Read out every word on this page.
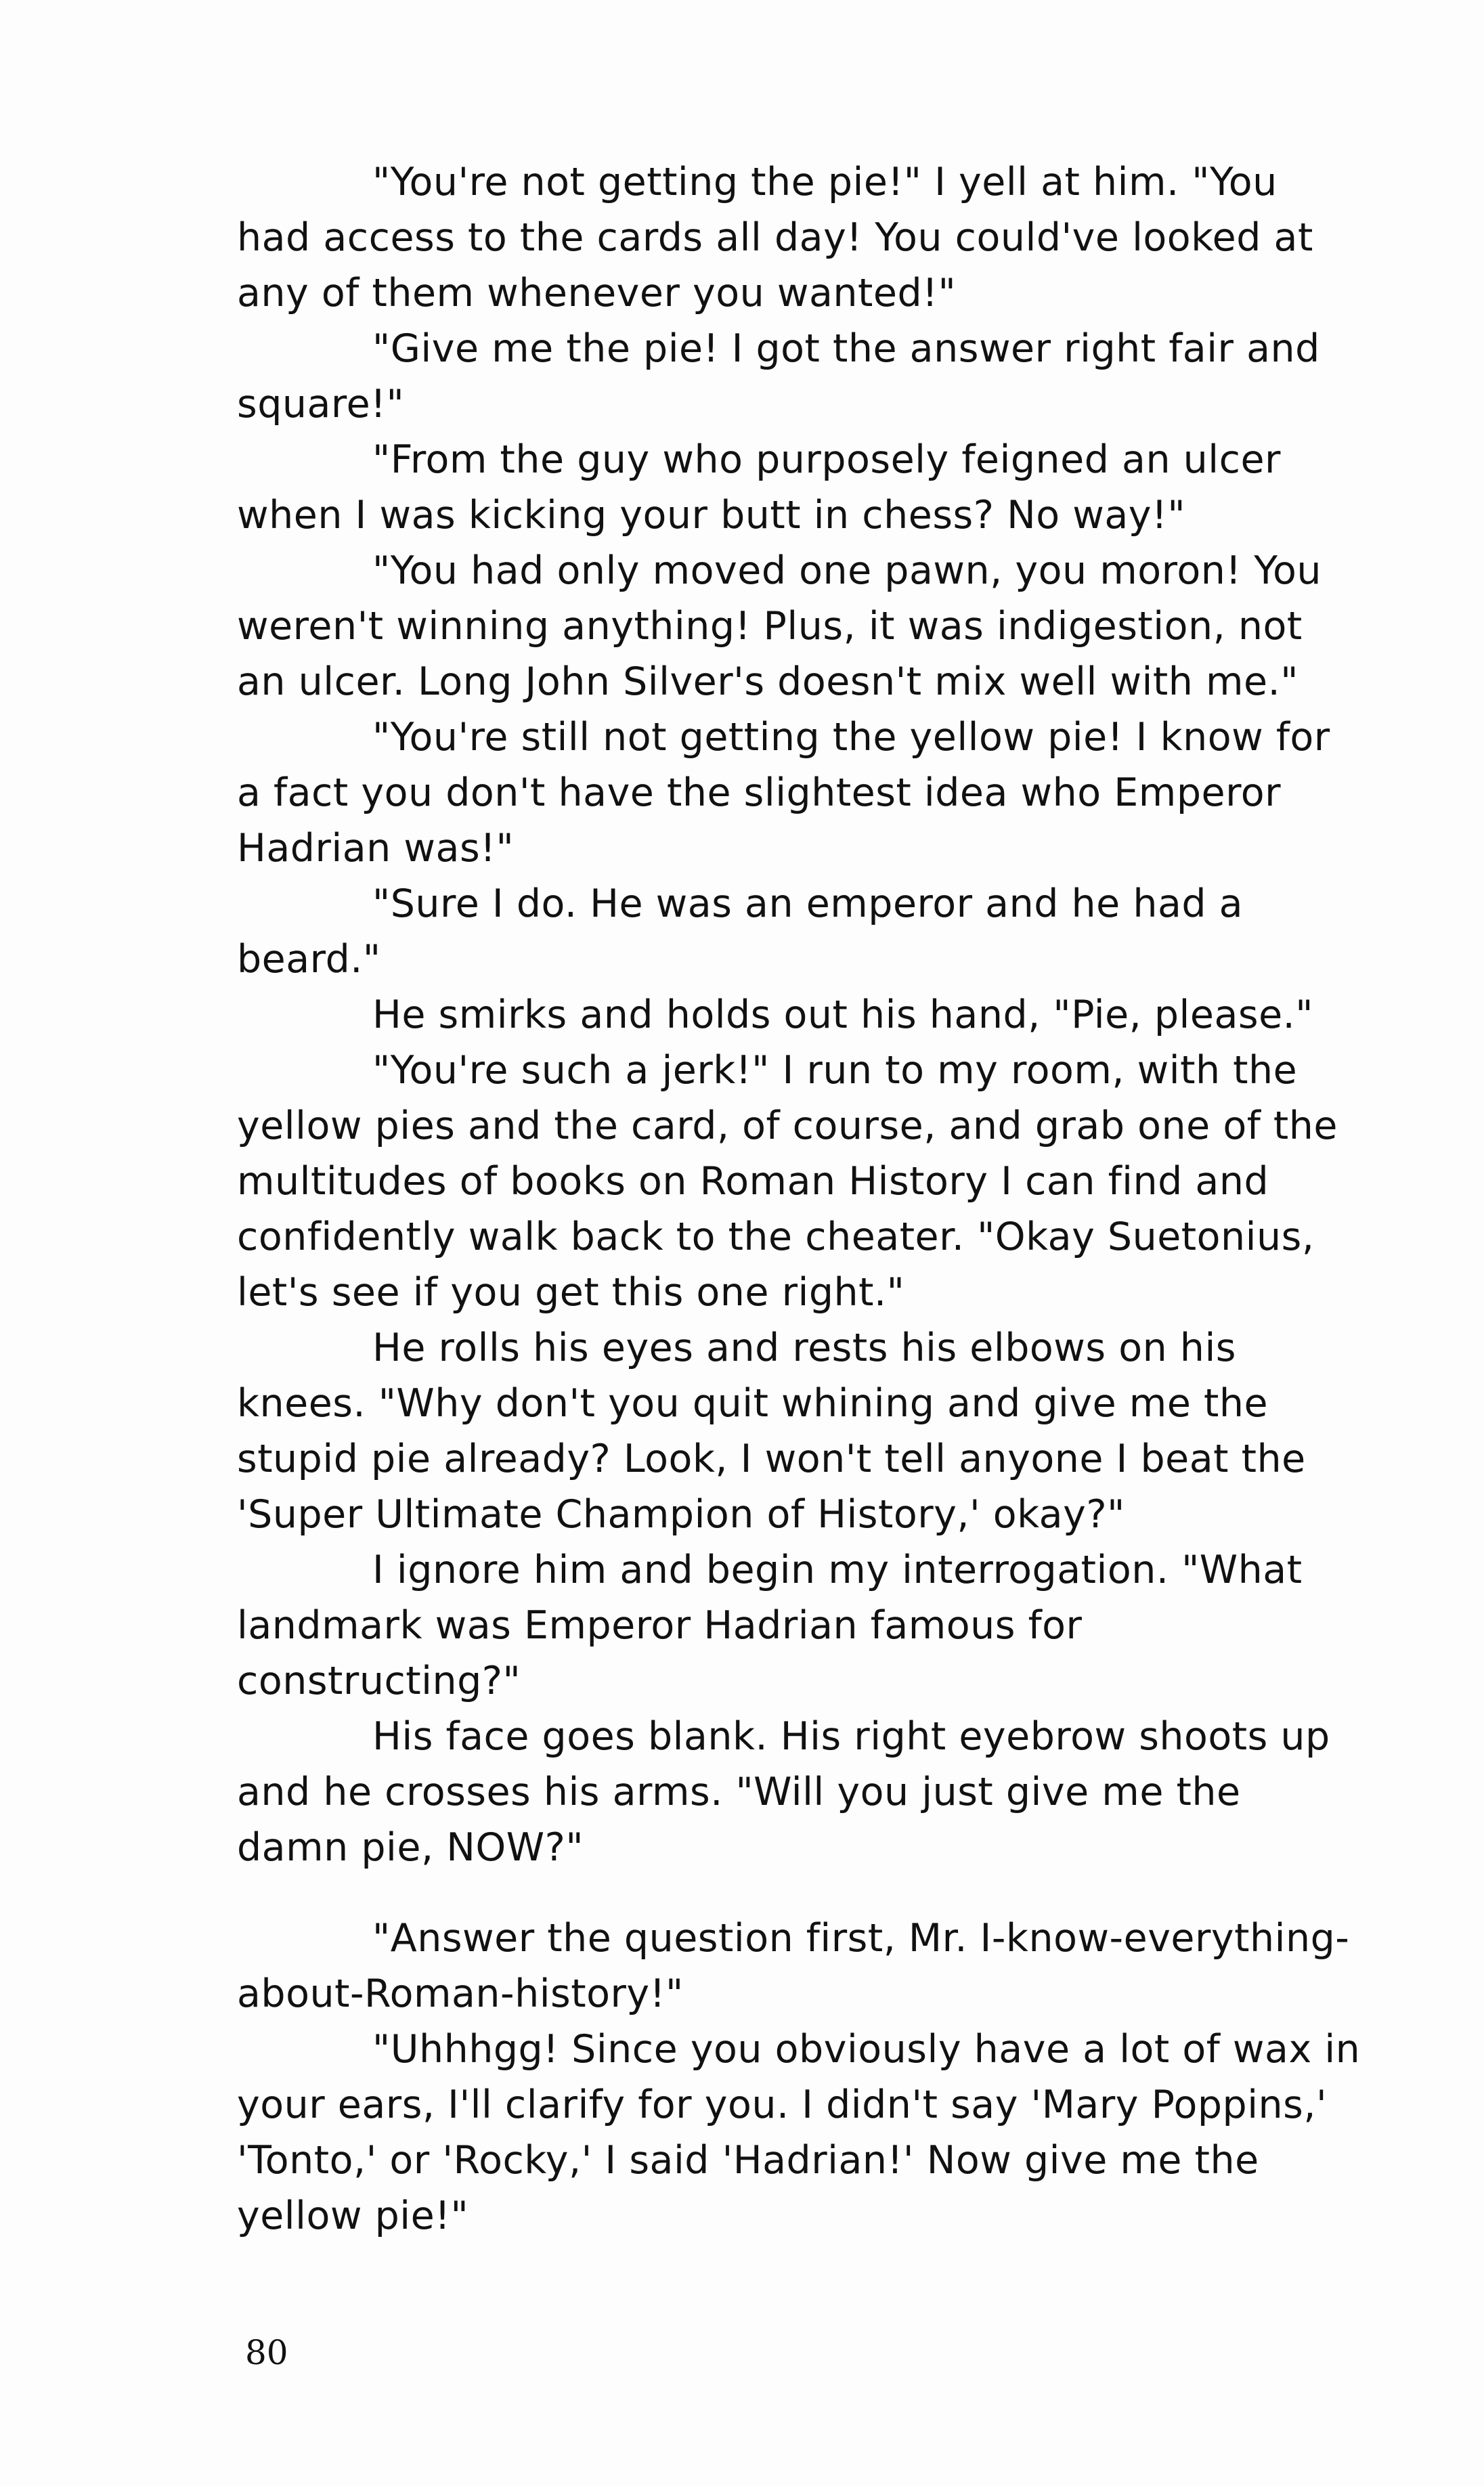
"You're not getting the pie!" I yell at him. "You had access to the cards all day! You could've looked at any of them whenever you wanted!"

"Give me the pie! I got the answer right fair and square!"

"From the guy who purposely feigned an ulcer when I was kicking your butt in chess? No way!"

"You had only moved one pawn, you moron! You weren't winning anything! Plus, it was indigestion, not an ulcer. Long John Silver's doesn't mix well with me."

"You're still not getting the yellow pie! I know for a fact you don't have the slightest idea who Emperor Hadrian was!"

"Sure I do. He was an emperor and he had a beard."

He smirks and holds out his hand, "Pie, please."

"You're such a jerk!" I run to my room, with the yellow pies and the card, of course, and grab one of the multitudes of books on Roman History I can find and confidently walk back to the cheater. "Okay Suetonius, let's see if you get this one right."

He rolls his eyes and rests his elbows on his knees. "Why don't you quit whining and give me the stupid pie already? Look, I won't tell anyone I beat the 'Super Ultimate Champion of History,' okay?"

I ignore him and begin my interrogation. "What landmark was Emperor Hadrian famous for constructing?"

His face goes blank. His right eyebrow shoots up and he crosses his arms. "Will you just give me the damn pie, NOW?"

"Answer the question first, Mr. I-know-everything-about-Roman-history!"

"Uhhhgg! Since you obviously have a lot of wax in your ears, I'll clarify for you. I didn't say 'Mary Poppins,' 'Tonto,' or 'Rocky,' I said 'Hadrian!' Now give me the yellow pie!"

80
